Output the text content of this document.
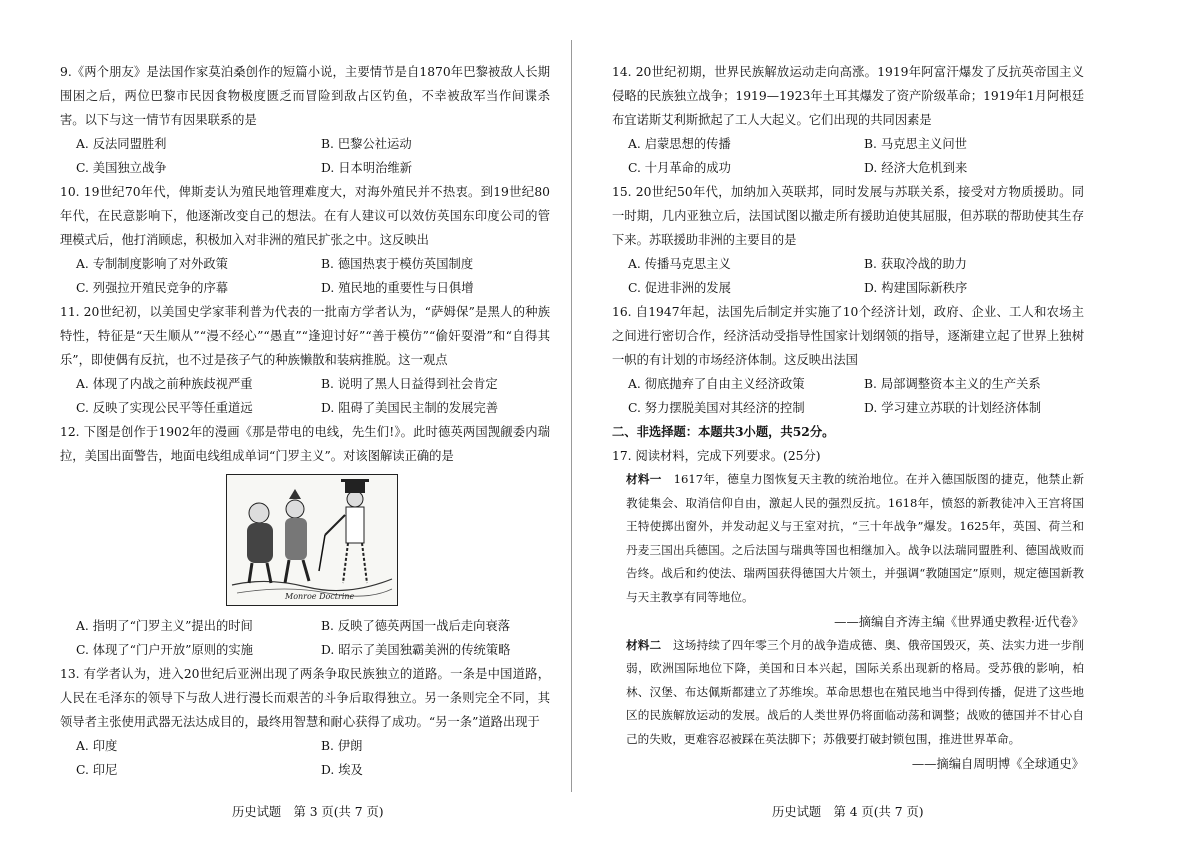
9.《两个朋友》是法国作家莫泊桑创作的短篇小说，主要情节是自1870年巴黎被敌人长期围困之后，两位巴黎市民因食物极度匮乏而冒险到敌占区钓鱼，不幸被敌军当作间谍杀害。以下与这一情节有因果联系的是

A. 反法同盟胜利	B. 巴黎公社运动
C. 美国独立战争	D. 日本明治维新

10. 19世纪70年代，俾斯麦认为殖民地管理难度大，对海外殖民并不热衷。到19世纪80年代，在民意影响下，他逐渐改变自己的想法。在有人建议可以效仿英国东印度公司的管理模式后，他打消顾虑，积极加入对非洲的殖民扩张之中。这反映出

A. 专制制度影响了对外政策	B. 德国热衷于模仿英国制度
C. 列强拉开殖民竞争的序幕	D. 殖民地的重要性与日俱增

11. 20世纪初，以美国史学家菲利普为代表的一批南方学者认为，“萨姆保”是黑人的种族特性，特征是“天生顺从”“漫不经心”“愚直”“逢迎讨好”“善于模仿”“偷奸耍滑”和“自得其乐”，即使偶有反抗，也不过是孩子气的种族懒散和装病推脱。这一观点

A. 体现了内战之前种族歧视严重	B. 说明了黑人日益得到社会肯定
C. 反映了实现公民平等任重道远	D. 阻碍了美国民主制的发展完善

12. 下图是创作于1902年的漫画《那是带电的电线，先生们!》。此时德英两国觊觎委内瑞拉，美国出面警告，地面电线组成单词“门罗主义”。对该图解读正确的是

Monroe Doctrine
A. 指明了“门罗主义”提出的时间	B. 反映了德英两国一战后走向衰落
C. 体现了“门户开放”原则的实施	D. 昭示了美国独霸美洲的传统策略

13. 有学者认为，进入20世纪后亚洲出现了两条争取民族独立的道路。一条是中国道路，人民在毛泽东的领导下与敌人进行漫长而艰苦的斗争后取得独立。另一条则完全不同，其领导者主张使用武器无法达成目的，最终用智慧和耐心获得了成功。“另一条”道路出现于

A. 印度	B. 伊朗
C. 印尼	D. 埃及

14. 20世纪初期，世界民族解放运动走向高涨。1919年阿富汗爆发了反抗英帝国主义侵略的民族独立战争；1919—1923年土耳其爆发了资产阶级革命；1919年1月阿根廷布宜诺斯艾利斯掀起了工人大起义。它们出现的共同因素是

A. 启蒙思想的传播	B. 马克思主义问世
C. 十月革命的成功	D. 经济大危机到来

15. 20世纪50年代，加纳加入英联邦，同时发展与苏联关系，接受对方物质援助。同一时期，几内亚独立后，法国试图以撤走所有援助迫使其屈服，但苏联的帮助使其生存下来。苏联援助非洲的主要目的是

A. 传播马克思主义	B. 获取冷战的助力
C. 促进非洲的发展	D. 构建国际新秩序

16. 自1947年起，法国先后制定并实施了10个经济计划，政府、企业、工人和农场主之间进行密切合作，经济活动受指导性国家计划纲领的指导，逐渐建立起了世界上独树一帜的有计划的市场经济体制。这反映出法国

A. 彻底抛弃了自由主义经济政策	B. 局部调整资本主义的生产关系
C. 努力摆脱美国对其经济的控制	D. 学习建立苏联的计划经济体制

二、非选择题：本题共3小题，共52分。

17. 阅读材料，完成下列要求。(25分)

材料一　1617年，德皇力图恢复天主教的统治地位。在并入德国版图的捷克，他禁止新教徒集会、取消信仰自由，激起人民的强烈反抗。1618年，愤怒的新教徒冲入王宫将国王特使掷出窗外，并发动起义与王室对抗，“三十年战争”爆发。1625年，英国、荷兰和丹麦三国出兵德国。之后法国与瑞典等国也相继加入。战争以法瑞同盟胜利、德国战败而告终。战后和约使法、瑞两国获得德国大片领土，并强调“教随国定”原则，规定德国新教与天主教享有同等地位。

——摘编自齐涛主编《世界通史教程·近代卷》

材料二　这场持续了四年零三个月的战争造成德、奥、俄帝国毁灭，英、法实力进一步削弱，欧洲国际地位下降，美国和日本兴起，国际关系出现新的格局。受苏俄的影响，柏林、汉堡、布达佩斯都建立了苏维埃。革命思想也在殖民地当中得到传播，促进了这些地区的民族解放运动的发展。战后的人类世界仍将面临动荡和调整；战败的德国并不甘心自己的失败，更难容忍被踩在英法脚下；苏俄要打破封锁包围，推进世界革命。

——摘编自周明博《全球通史》

历史试题　第 3 页(共 7 页)	历史试题　第 4 页(共 7 页)
